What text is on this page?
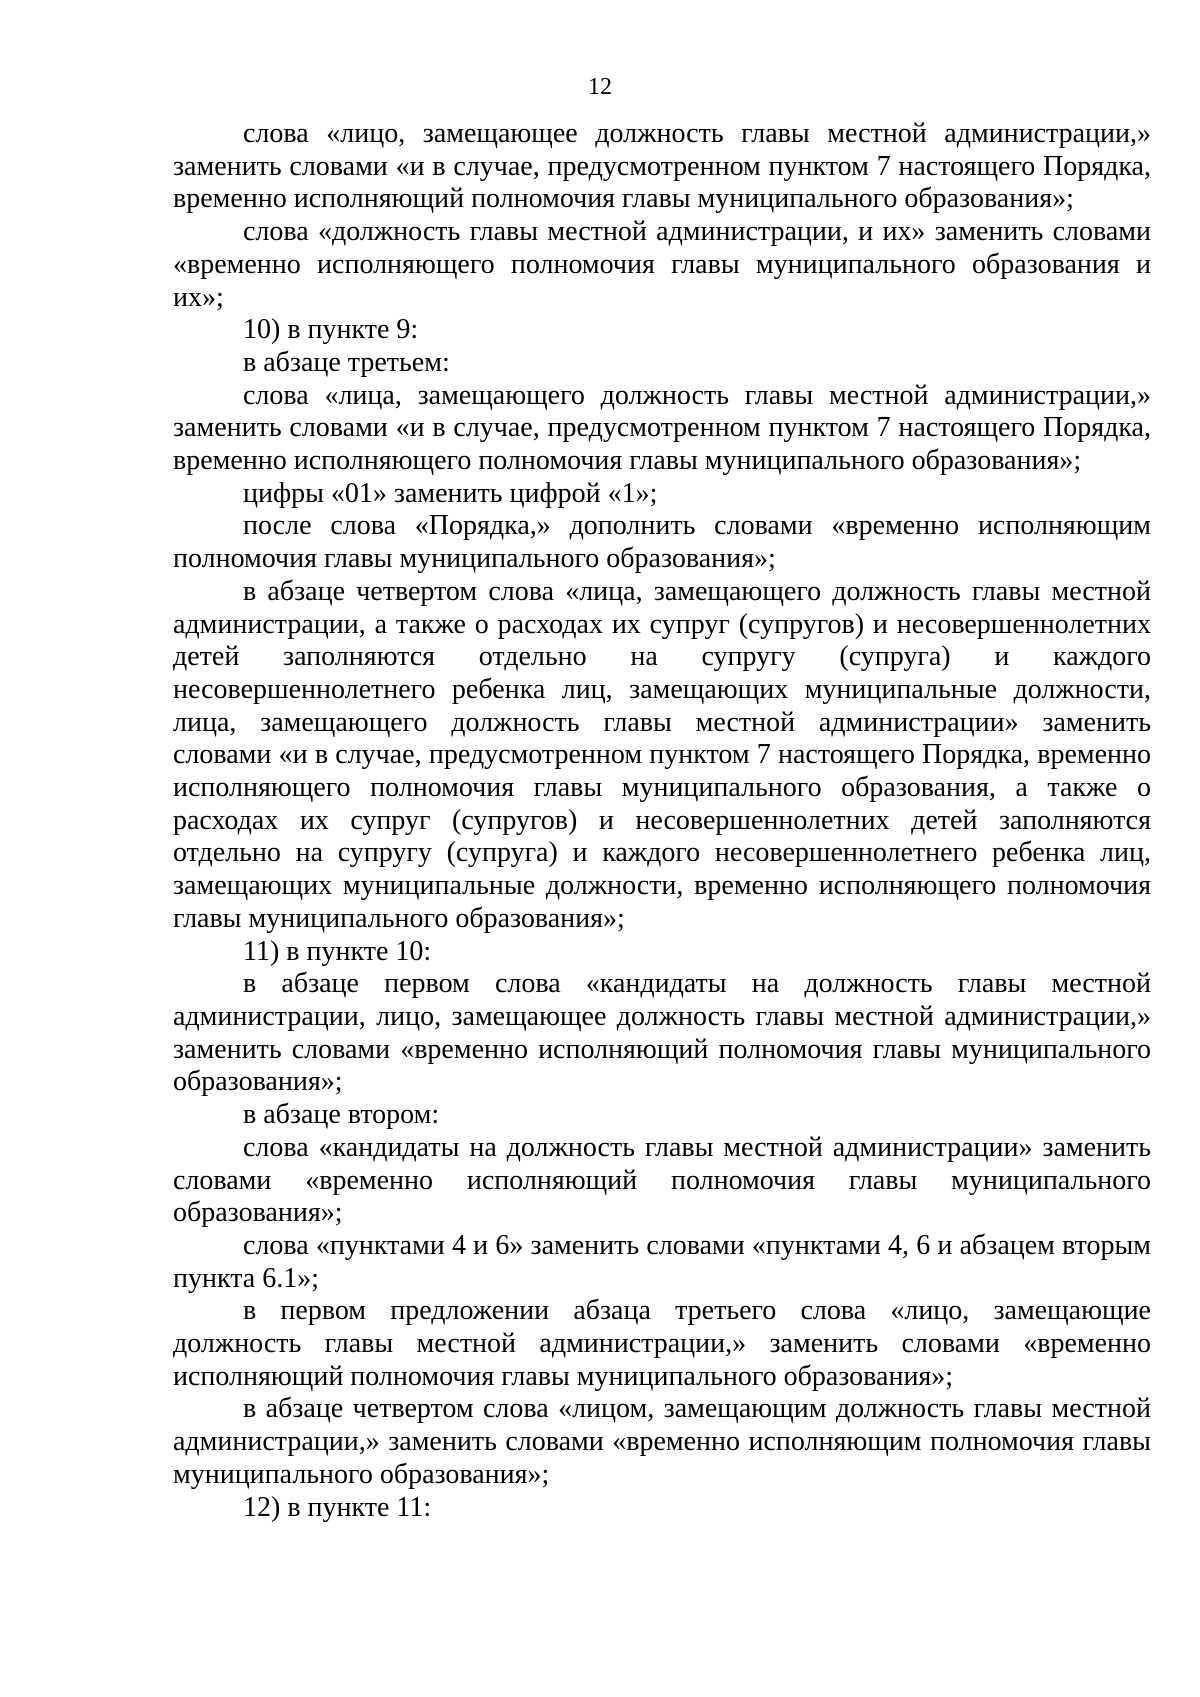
12

слова «лицо, замещающее должность главы местной администрации,» заменить словами «и в случае, предусмотренном пунктом 7 настоящего Порядка, временно исполняющий полномочия главы муниципального образования»;

слова «должность главы местной администрации, и их» заменить словами «временно исполняющего полномочия главы муниципального образования и их»;

10) в пункте 9:

в абзаце третьем:

слова «лица, замещающего должность главы местной администрации,» заменить словами «и в случае, предусмотренном пунктом 7 настоящего Порядка, временно исполняющего полномочия главы муниципального образования»;

цифры «01» заменить цифрой «1»;

после слова «Порядка,» дополнить словами «временно исполняющим полномочия главы муниципального образования»;

в абзаце четвертом слова «лица, замещающего должность главы местной администрации, а также о расходах их супруг (супругов) и несовершеннолетних детей заполняются отдельно на супругу (супруга) и каждого несовершеннолетнего ребенка лиц, замещающих муниципальные должности, лица, замещающего должность главы местной администрации» заменить словами «и в случае, предусмотренном пунктом 7 настоящего Порядка, временно исполняющего полномочия главы муниципального образования, а также о расходах их супруг (супругов) и несовершеннолетних детей заполняются отдельно на супругу (супруга) и каждого несовершеннолетнего ребенка лиц, замещающих муниципальные должности, временно исполняющего полномочия главы муниципального образования»;

11) в пункте 10:

в абзаце первом слова «кандидаты на должность главы местной администрации, лицо, замещающее должность главы местной администрации,» заменить словами «временно исполняющий полномочия главы муниципального образования»;

в абзаце втором:

слова «кандидаты на должность главы местной администрации» заменить словами «временно исполняющий полномочия главы муниципального образования»;

слова «пунктами 4 и 6» заменить словами «пунктами 4, 6 и абзацем вторым пункта 6.1»;

в первом предложении абзаца третьего слова «лицо, замещающие должность главы местной администрации,» заменить словами «временно исполняющий полномочия главы муниципального образования»;

в абзаце четвертом слова «лицом, замещающим должность главы местной администрации,» заменить словами «временно исполняющим полномочия главы муниципального образования»;

12) в пункте 11:
